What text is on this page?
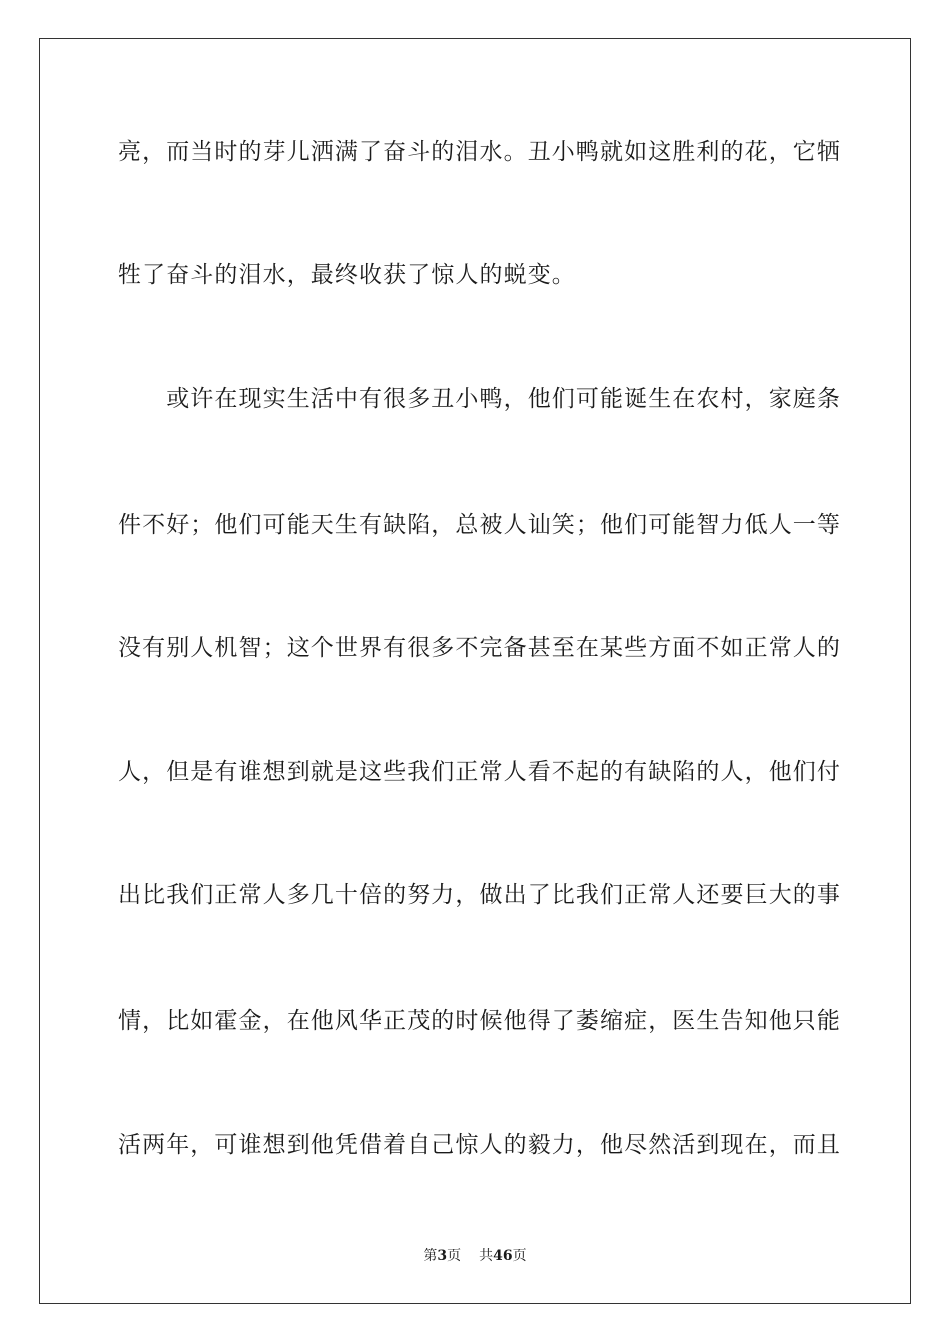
亮，而当时的芽儿洒满了奋斗的泪水。丑小鸭就如这胜利的花，它牺
牲了奋斗的泪水，最终收获了惊人的蜕变。
　　或许在现实生活中有很多丑小鸭，他们可能诞生在农村，家庭条
件不好；他们可能天生有缺陷，总被人讪笑；他们可能智力低人一等
没有别人机智；这个世界有很多不完备甚至在某些方面不如正常人的
人，但是有谁想到就是这些我们正常人看不起的有缺陷的人，他们付
出比我们正常人多几十倍的努力，做出了比我们正常人还要巨大的事
情，比如霍金，在他风华正茂的时候他得了萎缩症，医生告知他只能
活两年，可谁想到他凭借着自己惊人的毅力，他尽然活到现在，而且
第3页 共46页
